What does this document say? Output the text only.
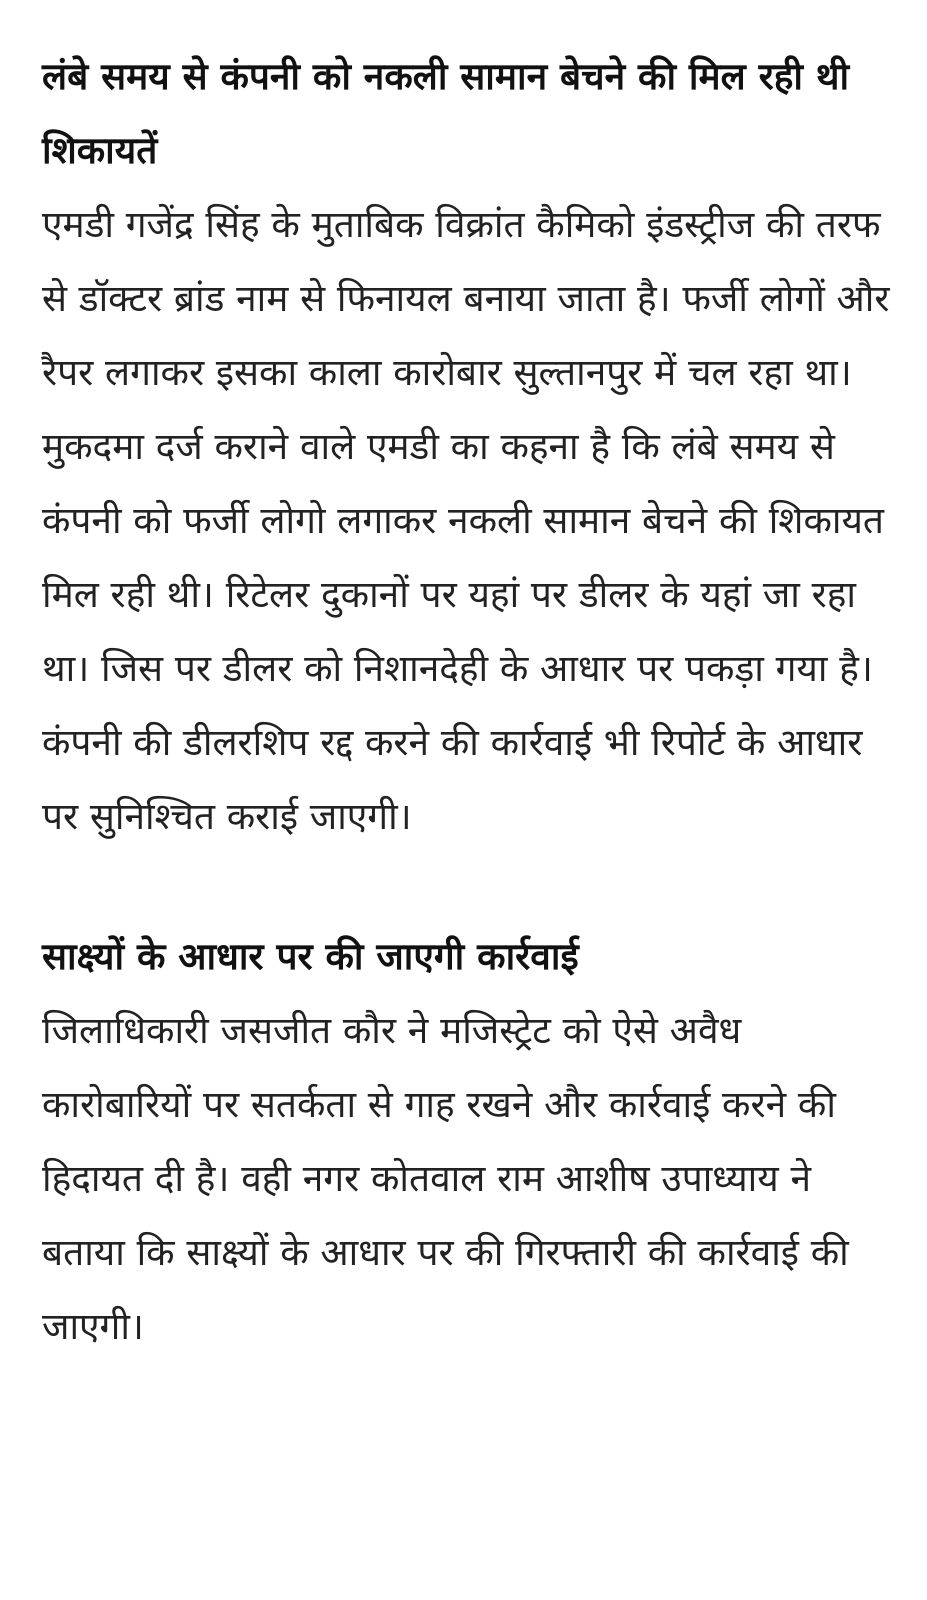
लंबे समय से कंपनी को नकली सामान बेचने की मिल रही थी शिकायतें

एमडी गजेंद्र सिंह के मुताबिक विक्रांत कैमिको इंडस्ट्रीज की तरफ से डॉक्टर ब्रांड नाम से फिनायल बनाया जाता है। फर्जी लोगों और रैपर लगाकर इसका काला कारोबार सुल्तानपुर में चल रहा था। मुकदमा दर्ज कराने वाले एमडी का कहना है कि लंबे समय से कंपनी को फर्जी लोगो लगाकर नकली सामान बेचने की शिकायत मिल रही थी। रिटेलर दुकानों पर यहां पर डीलर के यहां जा रहा था। जिस पर डीलर को निशानदेही के आधार पर पकड़ा गया है। कंपनी की डीलरशिप रद्द करने की कार्रवाई भी रिपोर्ट के आधार पर सुनिश्चित कराई जाएगी।

साक्ष्यों के आधार पर की जाएगी कार्रवाई

जिलाधिकारी जसजीत कौर ने मजिस्ट्रेट को ऐसे अवैध कारोबारियों पर सतर्कता से गाह रखने और कार्रवाई करने की हिदायत दी है। वही नगर कोतवाल राम आशीष उपाध्याय ने बताया कि साक्ष्यों के आधार पर की गिरफ्तारी की कार्रवाई की जाएगी।
